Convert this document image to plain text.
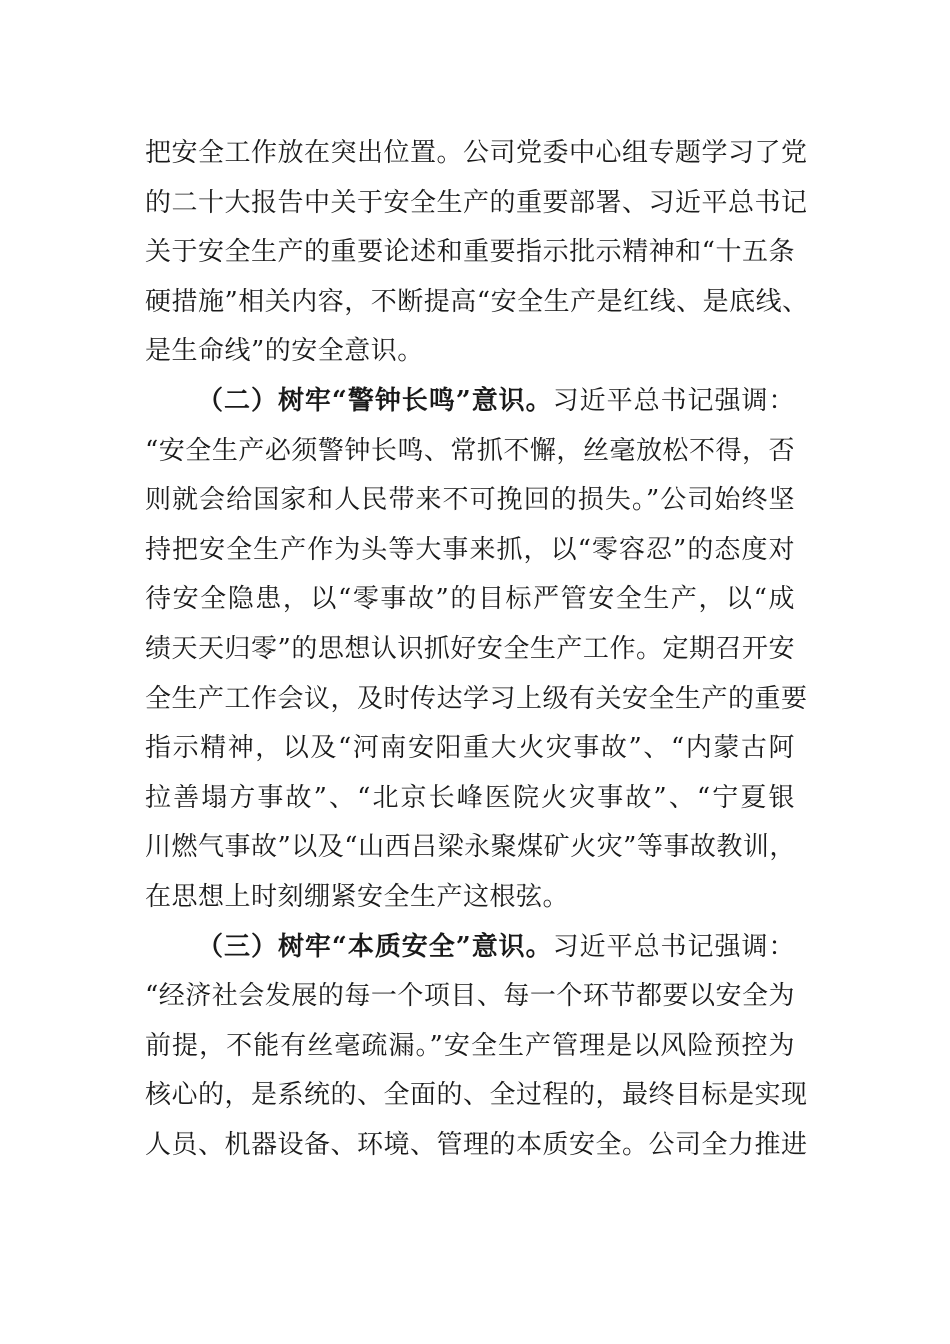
把安全工作放在突出位置。公司党委中心组专题学习了党
的二十大报告中关于安全生产的重要部署、习近平总书记
关于安全生产的重要论述和重要指示批示精神和“十五条
硬措施”相关内容，不断提高“安全生产是红线、是底线、
是生命线”的安全意识。
（二）树牢“警钟长鸣”意识。习近平总书记强调：
“安全生产必须警钟长鸣、常抓不懈，丝毫放松不得，否
则就会给国家和人民带来不可挽回的损失。”公司始终坚
持把安全生产作为头等大事来抓，以“零容忍”的态度对
待安全隐患，以“零事故”的目标严管安全生产，以“成
绩天天归零”的思想认识抓好安全生产工作。定期召开安
全生产工作会议，及时传达学习上级有关安全生产的重要
指示精神，以及“河南安阳重大火灾事故”、“内蒙古阿
拉善塌方事故”、“北京长峰医院火灾事故”、“宁夏银
川燃气事故”以及“山西吕梁永聚煤矿火灾”等事故教训，
在思想上时刻绷紧安全生产这根弦。
（三）树牢“本质安全”意识。习近平总书记强调：
“经济社会发展的每一个项目、每一个环节都要以安全为
前提，不能有丝毫疏漏。”安全生产管理是以风险预控为
核心的，是系统的、全面的、全过程的，最终目标是实现
人员、机器设备、环境、管理的本质安全。公司全力推进
